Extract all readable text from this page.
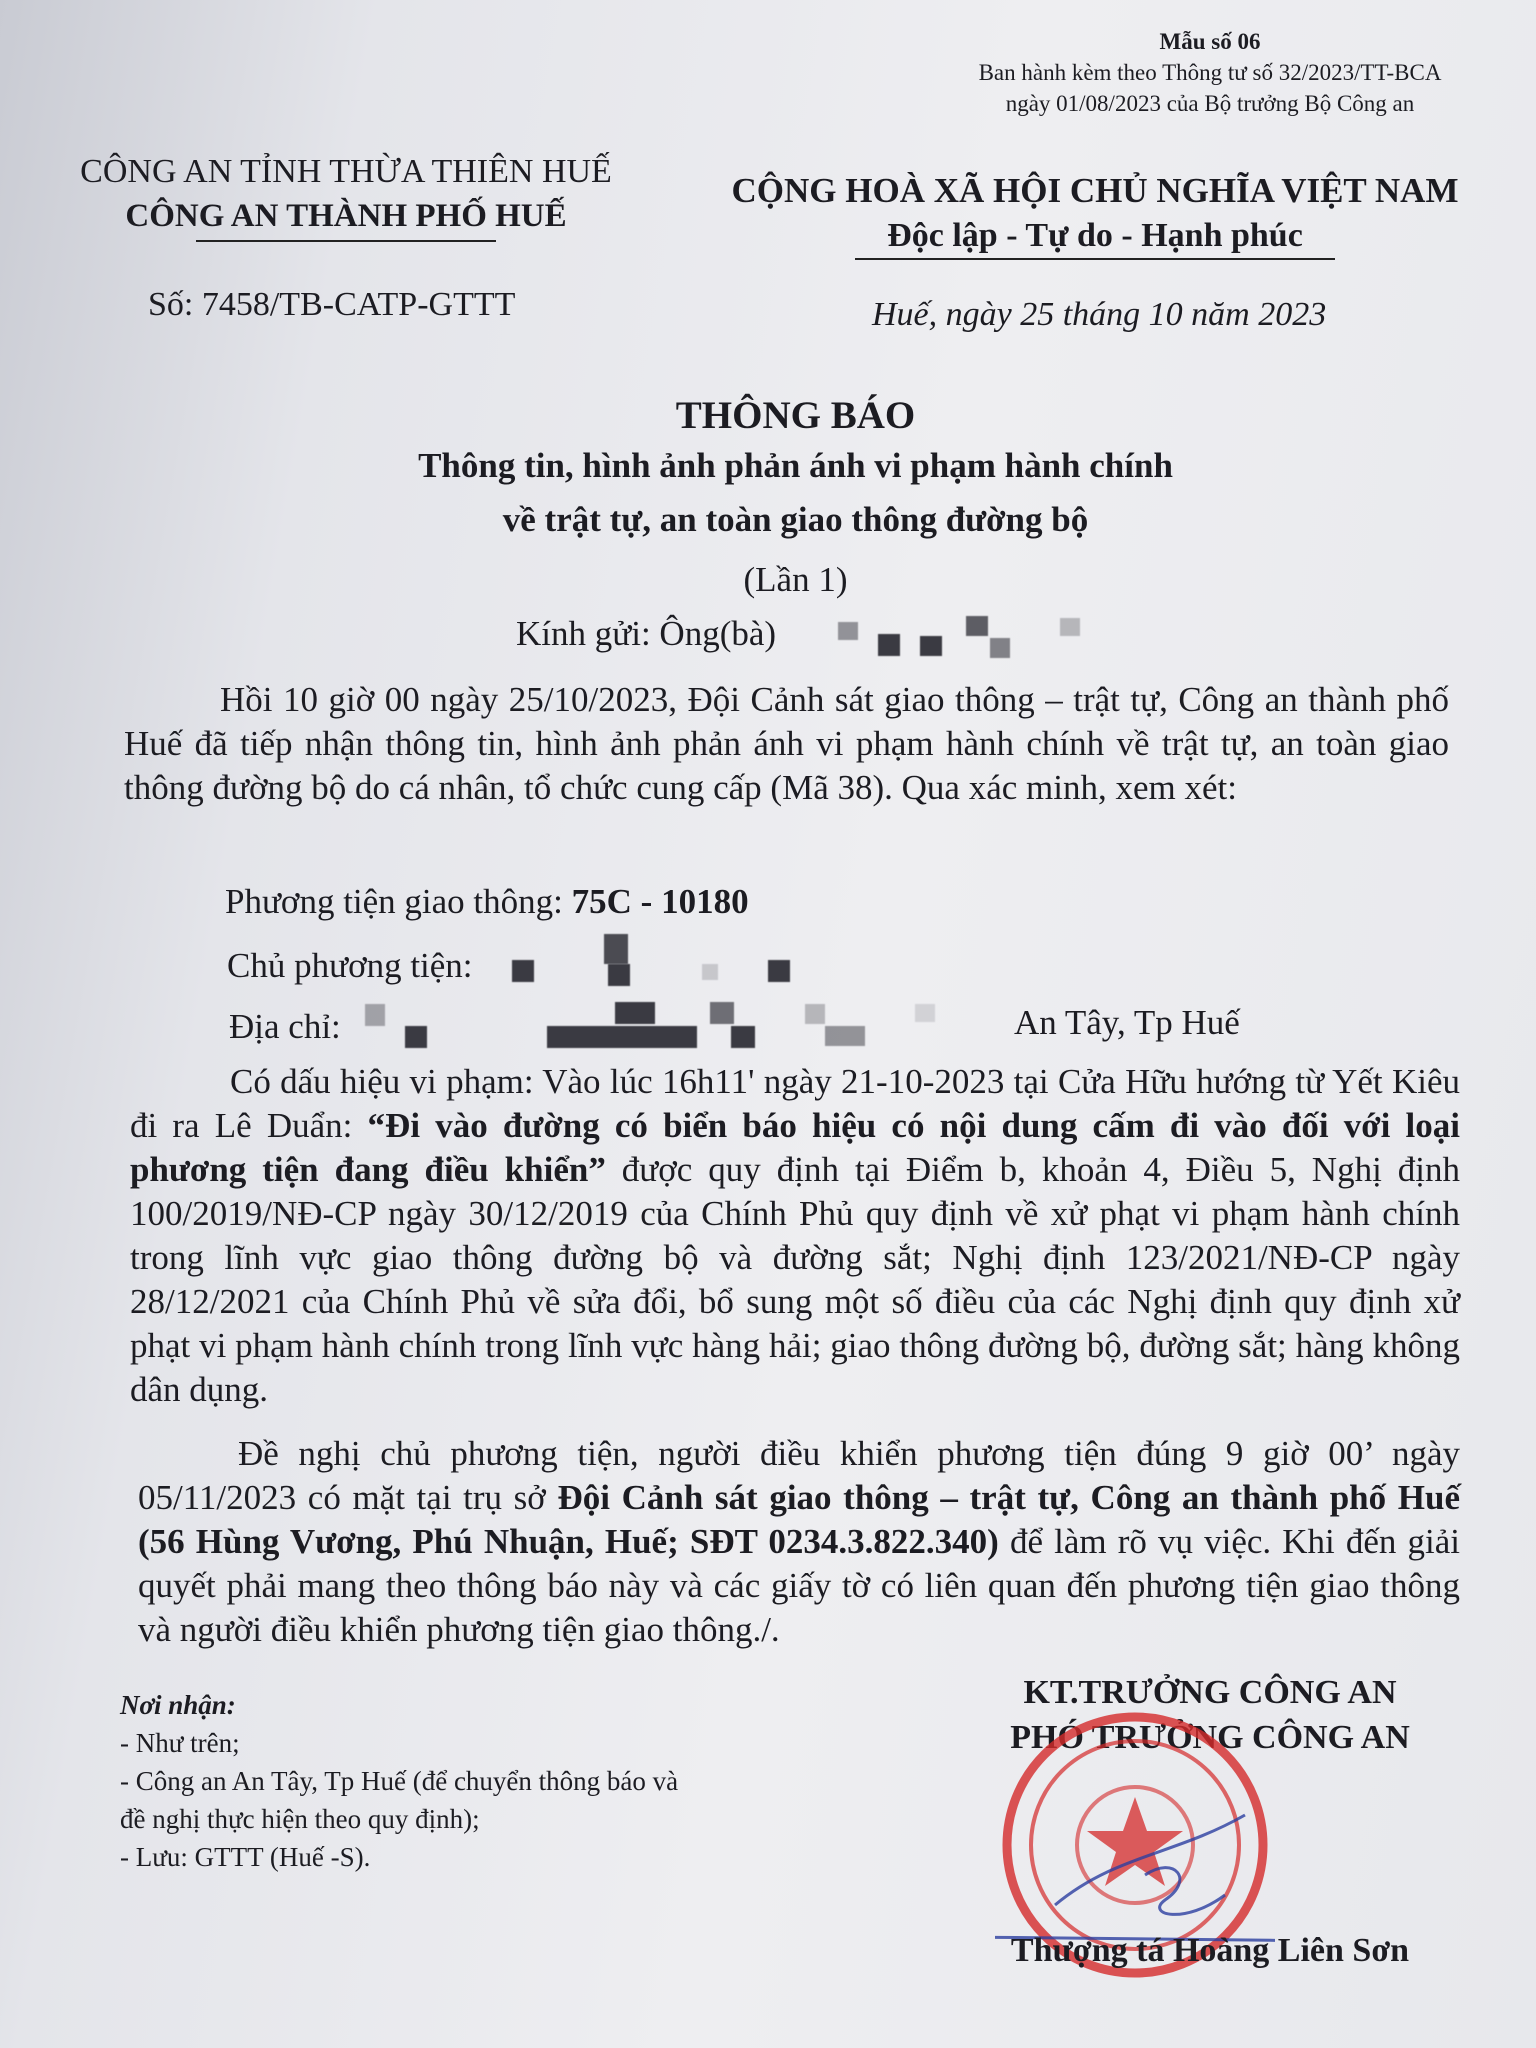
Mẫu số 06
Ban hành kèm theo Thông tư số 32/2023/TT-BCA
ngày 01/08/2023 của Bộ trưởng Bộ Công an
CÔNG AN TỈNH THỪA THIÊN HUẾ
CÔNG AN THÀNH PHỐ HUẾ
CỘNG HOÀ XÃ HỘI CHỦ NGHĨA VIỆT NAM
Độc lập - Tự do - Hạnh phúc
Số: 7458/TB-CATP-GTTT	Huế, ngày 25 tháng 10 năm 2023
THÔNG BÁO
Thông tin, hình ảnh phản ánh vi phạm hành chính
về trật tự, an toàn giao thông đường bộ
(Lần 1)
Kính gửi: Ông(bà)
Hồi 10 giờ 00 ngày 25/10/2023, Đội Cảnh sát giao thông – trật tự, Công an thành phố Huế đã tiếp nhận thông tin, hình ảnh phản ánh vi phạm hành chính về trật tự, an toàn giao thông đường bộ do cá nhân, tổ chức cung cấp (Mã 38). Qua xác minh, xem xét:
Phương tiện giao thông: 75C - 10180
Chủ phương tiện:
Địa chỉ:	An Tây, Tp Huế
Có dấu hiệu vi phạm: Vào lúc 16h11' ngày 21-10-2023 tại Cửa Hữu hướng từ Yết Kiêu đi ra Lê Duẩn: “Đi vào đường có biển báo hiệu có nội dung cấm đi vào đối với loại phương tiện đang điều khiển” được quy định tại Điểm b, khoản 4, Điều 5, Nghị định 100/2019/NĐ-CP ngày 30/12/2019 của Chính Phủ quy định về xử phạt vi phạm hành chính trong lĩnh vực giao thông đường bộ và đường sắt; Nghị định 123/2021/NĐ-CP ngày 28/12/2021 của Chính Phủ về sửa đổi, bổ sung một số điều của các Nghị định quy định xử phạt vi phạm hành chính trong lĩnh vực hàng hải; giao thông đường bộ, đường sắt; hàng không dân dụng.
Đề nghị chủ phương tiện, người điều khiển phương tiện đúng 9 giờ 00’ ngày 05/11/2023 có mặt tại trụ sở Đội Cảnh sát giao thông – trật tự, Công an thành phố Huế (56 Hùng Vương, Phú Nhuận, Huế; SĐT 0234.3.822.340) để làm rõ vụ việc. Khi đến giải quyết phải mang theo thông báo này và các giấy tờ có liên quan đến phương tiện giao thông và người điều khiển phương tiện giao thông./.
Nơi nhận:
- Như trên;
- Công an An Tây, Tp Huế (để chuyển thông báo và
đề nghị thực hiện theo quy định);
- Lưu: GTTT (Huế -S).
KT.TRƯỞNG CÔNG AN
PHÓ TRƯỞNG CÔNG AN
Thượng tá Hoàng Liên Sơn
